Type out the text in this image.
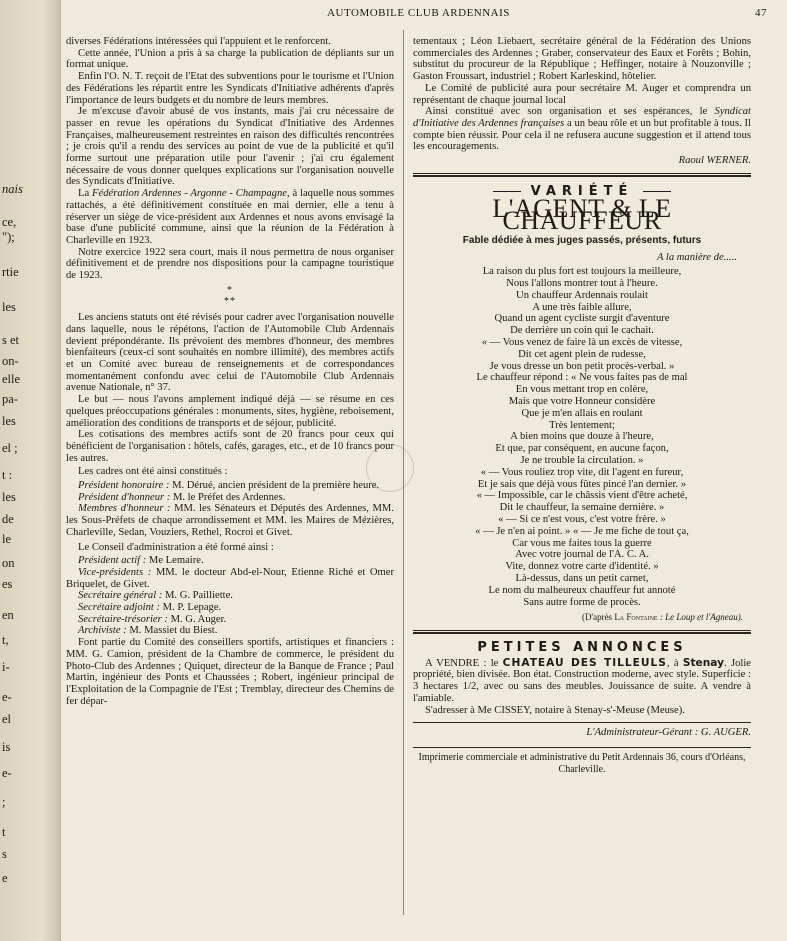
nais
ce,
");
rtie
les
s et
on-
elle
pa-
les
el ;
t :
les
de
le
on
es
en
t,
i-
e-
el
is
e-
;
t
s
e
AUTOMOBILE CLUB ARDENNAIS	47

diverses Fédérations intéressées qui l'appuient et le renforcent.

Cette année, l'Union a pris à sa charge la publication de dépliants sur un format unique.

Enfin l'O. N. T. reçoit de l'Etat des subventions pour le tourisme et l'Union des Fédérations les répartit entre les Syndicats d'Initiative adhérents d'après l'importance de leurs budgets et du nombre de leurs membres.

Je m'excuse d'avoir abusé de vos instants, mais j'ai cru nécessaire de passer en revue les opérations du Syndicat d'Initiative des Ardennes Françaises, malheureusement restreintes en raison des difficultés rencontrées ; je crois qu'il a rendu des services au point de vue de la publicité et qu'il forme surtout une préparation utile pour l'avenir ; j'ai cru également nécessaire de vous donner quelques explications sur l'organisation nouvelle des Syndicats d'Initiative.

La Fédération Ardennes - Argonne - Champagne, à laquelle nous sommes rattachés, a été définitivement constituée en mai dernier, elle a tenu à réserver un siège de vice-président aux Ardennes et nous avons envisagé la base d'une publicité commune, ainsi que la réunion de la Fédération à Charleville en 1923.

Notre exercice 1922 sera court, mais il nous permettra de nous organiser définitivement et de prendre nos dispositions pour la campagne touristique de 1923.

*
**

Les anciens statuts ont été révisés pour cadrer avec l'organisation nouvelle dans laquelle, nous le répétons, l'action de l'Automobile Club Ardennais devient prépondérante. Ils prévoient des membres d'honneur, des membres bienfaiteurs (ceux-ci sont souhaités en nombre illimité), des membres actifs et un Comité avec bureau de renseignements et de correspondances momentanément confondu avec celui de l'Automobile Club Ardennais avenue Nationale, n° 37.

Le but — nous l'avons amplement indiqué déjà — se résume en ces quelques préoccupations générales : monuments, sites, hygiène, reboisement, amélioration des conditions de transports et de séjour, publicité.

Les cotisations des membres actifs sont de 20 francs pour ceux qui bénéficient de l'organisation : hôtels, cafés, garages, etc., et de 10 francs pour les autres.

Les cadres ont été ainsi constitués :

Président honoraire : M. Dérué, ancien président de la première heure.

Président d'honneur : M. le Préfet des Ardennes.

Membres d'honneur : MM. les Sénateurs et Députés des Ardennes, MM. les Sous-Préfets de chaque arrondissement et MM. les Maires de Mézières, Charleville, Sedan, Vouziers, Rethel, Rocroi et Givet.

Le Conseil d'administration a été formé ainsi :

Président actif : Me Lemaire.

Vice-présidents : MM. le docteur Abd-el-Nour, Etienne Riché et Omer Briquelet, de Givet.

Secrétaire général : M. G. Pailliette.

Secrétaire adjoint : M. P. Lepage.

Secrétaire-trésorier : M. G. Auger.

Archiviste : M. Massiet du Biest.

Font partie du Comité des conseillers sportifs, artistiques et financiers : MM. G. Camion, président de la Chambre de commerce, le président du Photo-Club des Ardennes ; Quiquet, directeur de la Banque de France ; Paul Martin, ingénieur des Ponts et Chaussées ; Robert, ingénieur principal de l'Exploitation de la Compagnie de l'Est ; Tremblay, directeur des Chemins de fer dépar-

tementaux ; Léon Liebaert, secrétaire général de la Fédération des Unions commerciales des Ardennes ; Graber, conservateur des Eaux et Forêts ; Bohin, substitut du procureur de la République ; Heffinger, notaire à Nouzonville ; Gaston Froussart, industriel ; Robert Karleskind, hôtelier.

Le Comité de publicité aura pour secrétaire M. Auger et comprendra un représentant de chaque journal local

Ainsi constitué avec son organisation et ses espérances, le Syndicat d'Initiative des Ardennes françaises a un beau rôle et un but profitable à tous. Il compte bien réussir. Pour cela il ne refusera aucune suggestion et il attend tous les encouragements.

Raoul WERNER.
VARIÉTÉ
L'AGENT & LE CHAUFFEUR
Fable dédiée à mes juges passés, présents, futurs
A la manière de.....
La raison du plus fort est toujours la meilleure,
Nous l'allons montrer tout à l'heure.
Un chauffeur Ardennais roulait
A une très faible allure,
Quand un agent cycliste surgit d'aventure
De derrière un coin qui le cachait.
« — Vous venez de faire là un excès de vitesse,
Dit cet agent plein de rudesse,
Je vous dresse un bon petit procès-verbal. »
Le chauffeur répond : « Ne vous faites pas de mal
En vous mettant trop en colère,
Mais que votre Honneur considère
Que je m'en allais en roulant
Très lentement;
A bien moins que douze à l'heure,
Et que, par conséquent, en aucune façon,
Je ne trouble la circulation. »
« — Vous rouliez trop vite, dit l'agent en fureur,
Et je sais que déjà vous fûtes pincé l'an dernier. »
« — Impossible, car le châssis vient d'être acheté,
Dit le chauffeur, la semaine dernière. »
« — Si ce n'est vous, c'est votre frère. »
« — Je n'en ai point. » « — Je me fiche de tout ça,
Car vous me faites tous la guerre
Avec votre journal de l'A. C. A.
Vite, donnez votre carte d'identité. »
Là-dessus, dans un petit carnet,
Le nom du malheureux chauffeur fut annoté
Sans autre forme de procès.
(D'après La Fontaine : Le Loup et l'Agneau).
PETITES ANNONCES

A VENDRE : le CHATEAU DES TILLEULS, à Stenay. Jolie propriété, bien divisée. Bon état. Construction moderne, avec style. Superficie : 3 hectares 1/2, avec ou sans des meubles. Jouissance de suite. A vendre à l'amiable.

S'adresser à Me CISSEY, notaire à Stenay-s'-Meuse (Meuse).

L'Administrateur-Gérant : G. AUGER.
Imprimerie commerciale et administrative du Petit Ardennais 36, cours d'Orléans, Charleville.
